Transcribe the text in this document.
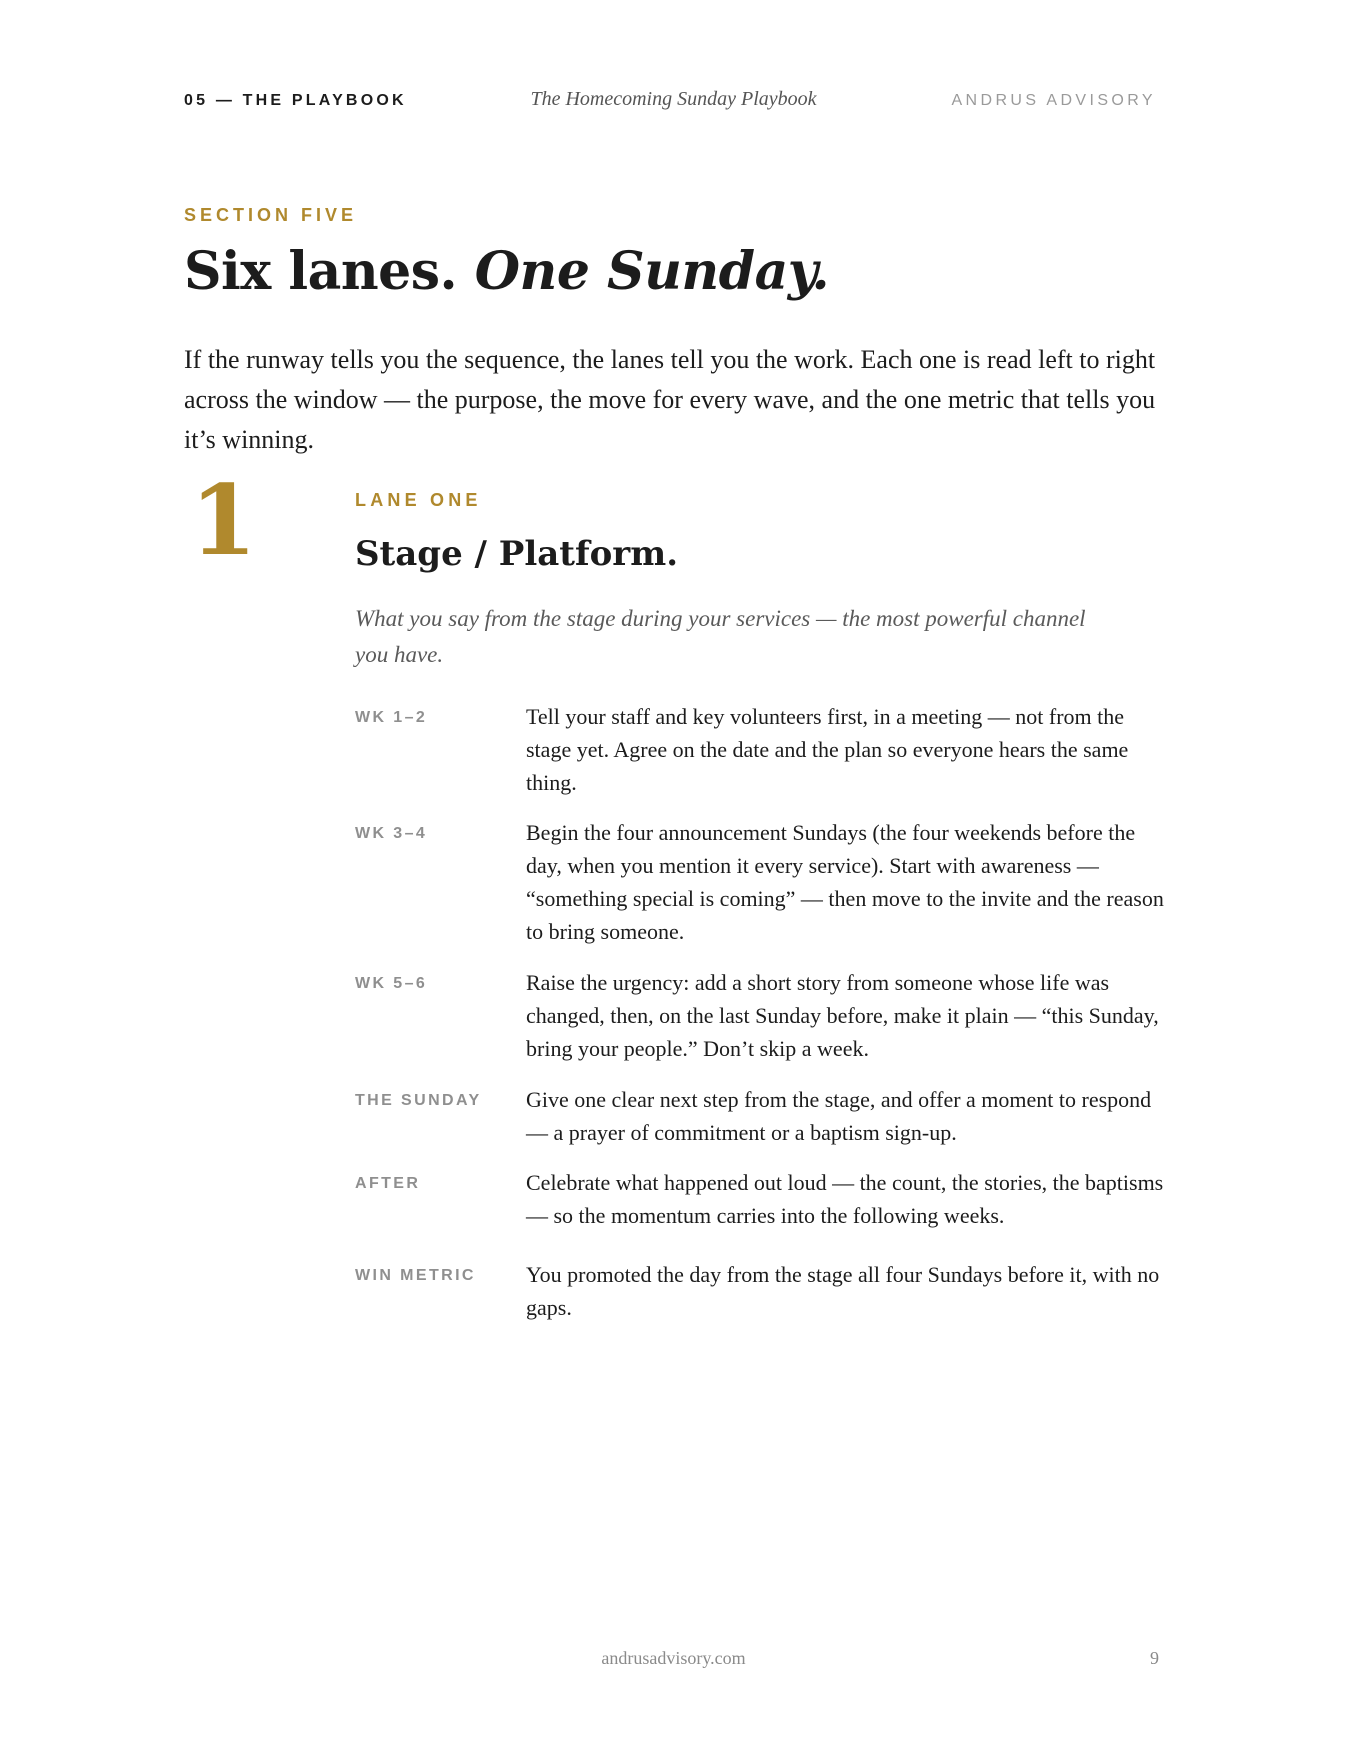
05 — THE PLAYBOOK	The Homecoming Sunday Playbook	ANDRUS ADVISORY
SECTION FIVE
Six lanes. One Sunday.

If the runway tells you the sequence, the lanes tell you the work. Each one is read left to right across the window — the purpose, the move for every wave, and the one metric that tells you it’s winning.

1	LANE ONE
Stage / Platform.

What you say from the stage during your services — the most powerful channel you have.

WK 1–2	Tell your staff and key volunteers first, in a meeting — not from the stage yet. Agree on the date and the plan so everyone hears the same thing.

WK 3–4	Begin the four announcement Sundays (the four weekends before the day, when you mention it every service). Start with awareness — “something special is coming” — then move to the invite and the reason to bring someone.

WK 5–6	Raise the urgency: add a short story from someone whose life was changed, then, on the last Sunday before, make it plain — “this Sunday, bring your people.” Don’t skip a week.

THE SUNDAY	Give one clear next step from the stage, and offer a moment to respond — a prayer of commitment or a baptism sign-up.

AFTER	Celebrate what happened out loud — the count, the stories, the baptisms — so the momentum carries into the following weeks.

WIN METRIC	You promoted the day from the stage all four Sundays before it, with no gaps.

andrusadvisory.com	9
